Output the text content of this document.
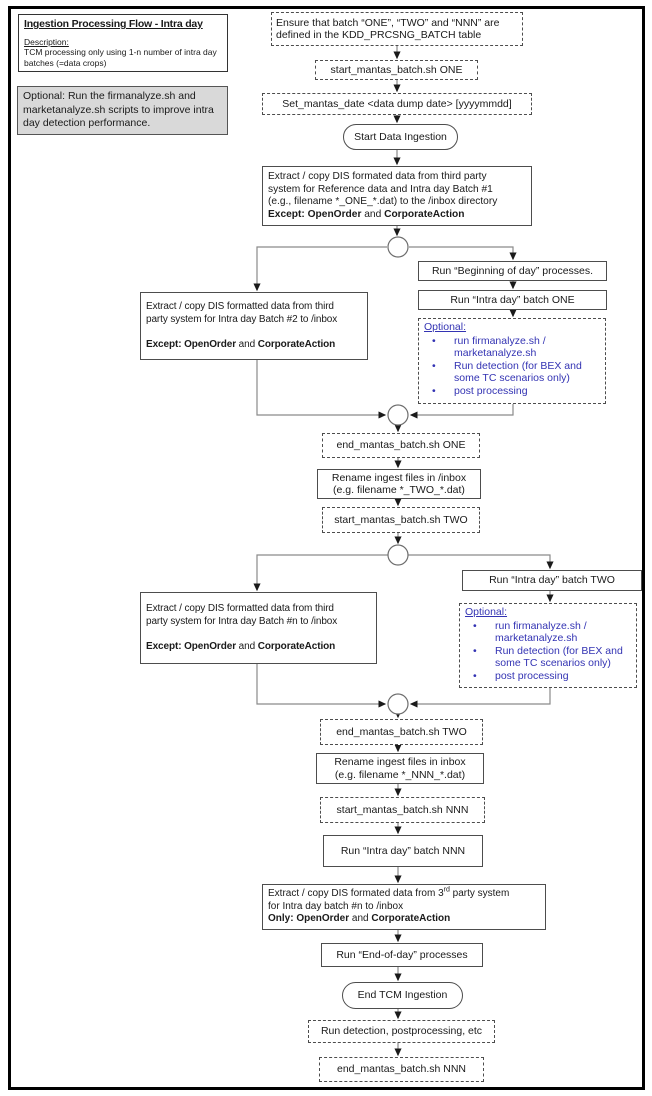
Ingestion Processing Flow - Intra day
Description:
TCM processing only using 1-n number of intra day batches (=data crops)
Optional: Run the firmanalyze.sh and marketanalyze.sh scripts to improve intra day detection performance.
Ensure that batch “ONE”, “TWO” and “NNN” are
defined in the KDD_PRCSNG_BATCH table
start_mantas_batch.sh ONE
Set_mantas_date <data dump date> [yyyymmdd]
Start Data Ingestion
Extract / copy DIS formated data from third party
system for Reference data and Intra day Batch #1
(e.g., filename *_ONE_*.dat) to the /inbox directory
Except: OpenOrder and CorporateAction
Run “Beginning of day” processes.
Run “Intra day” batch ONE
Optional:
• run firmanalyze.sh / marketanalyze.sh
• Run detection (for BEX and some TC scenarios only)
• post processing
Extract / copy DIS formatted data from third
party system for Intra day Batch #2 to /inbox

Except: OpenOrder and CorporateAction
end_mantas_batch.sh ONE
Rename ingest files in /inbox
(e.g. filename *_TWO_*.dat)
start_mantas_batch.sh TWO
Run “Intra day” batch TWO
Optional:
• run firmanalyze.sh / marketanalyze.sh
• Run detection (for BEX and some TC scenarios only)
• post processing
Extract / copy DIS formatted data from third
party system for Intra day Batch #n to /inbox

Except: OpenOrder and CorporateAction
end_mantas_batch.sh TWO
Rename ingest files in inbox
(e.g. filename *_NNN_*.dat)
start_mantas_batch.sh NNN
Run “Intra day” batch NNN
Extract / copy DIS formated data from 3rd party system
for Intra day batch #n to /inbox
Only: OpenOrder and CorporateAction
Run “End-of-day” processes
End TCM Ingestion
Run detection, postprocessing, etc
end_mantas_batch.sh NNN
